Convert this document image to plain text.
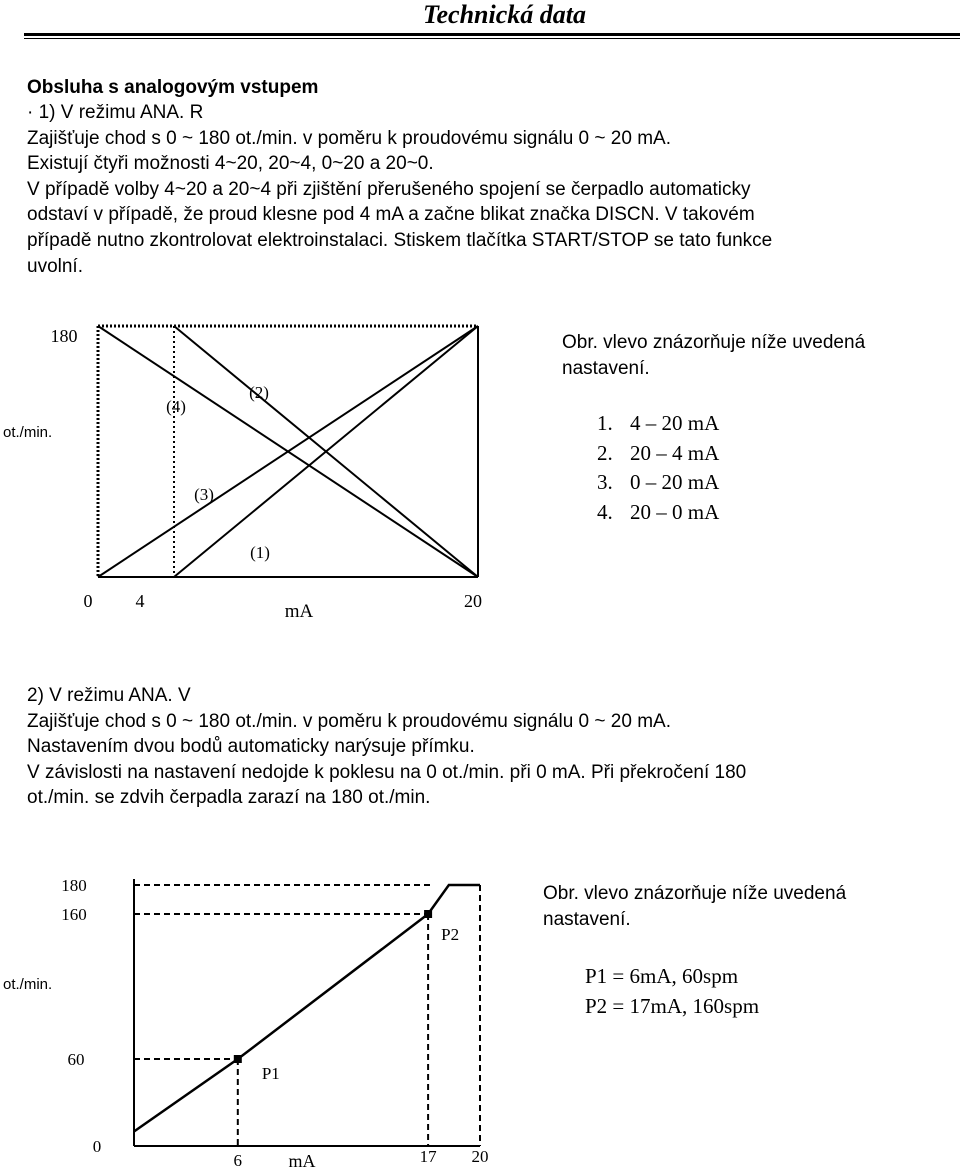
Technická data
Obsluha s analogovým vstupem
· 1) V režimu ANA. R
Zajišťuje chod s 0 ~ 180 ot./min. v poměru k proudovému signálu 0 ~ 20 mA.
Existují čtyři možnosti 4~20, 20~4, 0~20 a 20~0.
V případě volby 4~20 a 20~4 při zjištění přerušeného spojení se čerpadlo automaticky
odstaví v případě, že proud klesne pod 4 mA a začne blikat značka DISCN. V takovém
případě nutno zkontrolovat elektroinstalaci. Stiskem tlačítka START/STOP se tato funkce
uvolní.
ot./min.
(1)
(2)
(3)
(4)
180
0 4	20
mA
Obr. vlevo znázorňuje níže uvedená
nastavení.
1. 4 – 20 mA
2. 20 – 4 mA
3. 0 – 20 mA
4. 20 – 0 mA
2) V režimu ANA. V
Zajišťuje chod s 0 ~ 180 ot./min. v poměru k proudovému signálu 0 ~ 20 mA.
Nastavením dvou bodů automaticky narýsuje přímku.
V závislosti na nastavení nedojde k poklesu na 0 ot./min. při 0 mA. Při překročení 180
ot./min. se zdvih čerpadla zarazí na 180 ot./min.
ot./min.
P1
P2
180
160
60
0
6	17 20
mA
Obr. vlevo znázorňuje níže uvedená
nastavení.
P1 = 6mA, 60spm
P2 = 17mA, 160spm
